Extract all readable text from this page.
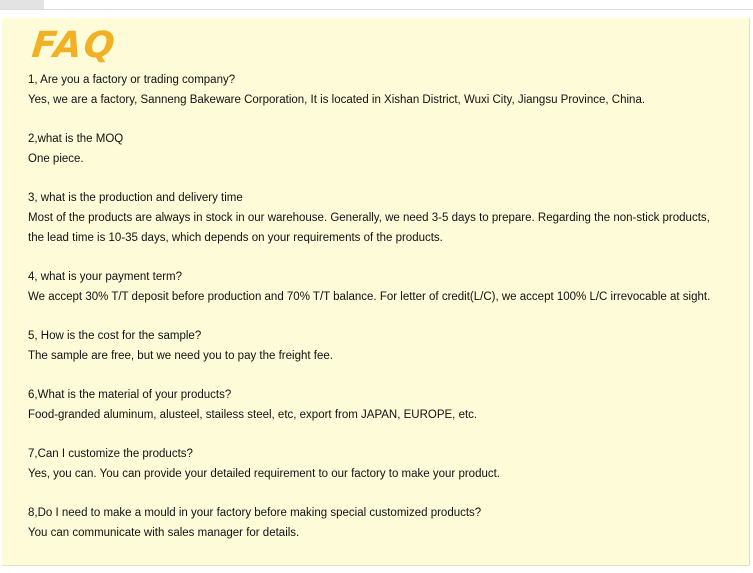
FAQ
1, Are you a factory or trading company?
Yes, we are a factory, Sanneng Bakeware Corporation, It is located in Xishan District, Wuxi City, Jiangsu Province, China.
2,what is the MOQ
One piece.
3, what is the production and delivery time
Most of the products are always in stock in our warehouse. Generally, we need 3-5 days to prepare. Regarding the non-stick products,
the lead time is 10-35 days, which depends on your requirements of the products.
4, what is your payment term?
We accept 30% T/T deposit before production and 70% T/T balance. For letter of credit(L/C), we accept 100% L/C irrevocable at sight.
5, How is the cost for the sample?
The sample are free, but we need you to pay the freight fee.
6,What is the material of your products?
Food-granded aluminum, alusteel, stailess steel, etc, export from JAPAN, EUROPE, etc.
7,Can I customize the products?
Yes, you can. You can provide your detailed requirement to our factory to make your product.
8,Do I need to make a mould in your factory before making special customized products?
You can communicate with sales manager for details.
